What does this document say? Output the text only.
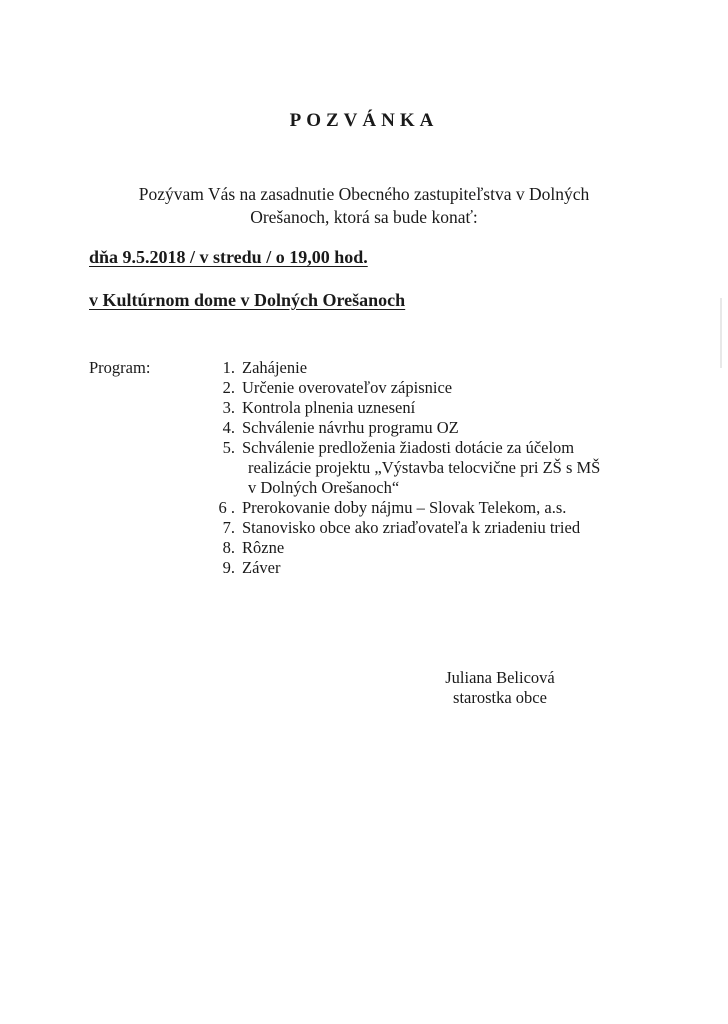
POZVÁNKA
Pozývam Vás na zasadnutie Obecného zastupiteľstva v Dolných
Orešanoch, ktorá sa bude konať:
dňa 9.5.2018 / v stredu / o 19,00 hod.
v Kultúrnom dome v Dolných Orešanoch
Program:	1. Zahájenie
2. Určenie overovateľov zápisnice
3. Kontrola plnenia uznesení
4. Schválenie návrhu programu OZ
5. Schválenie predloženia žiadosti dotácie za účelom
realizácie projektu „Výstavba telocvične pri ZŠ s MŠ
v Dolných Orešanoch“
6 . Prerokovanie doby nájmu – Slovak Telekom, a.s.
7. Stanovisko obce ako zriaďovateľa k zriadeniu tried
8. Rôzne
9. Záver
Juliana Belicová
starostka obce
